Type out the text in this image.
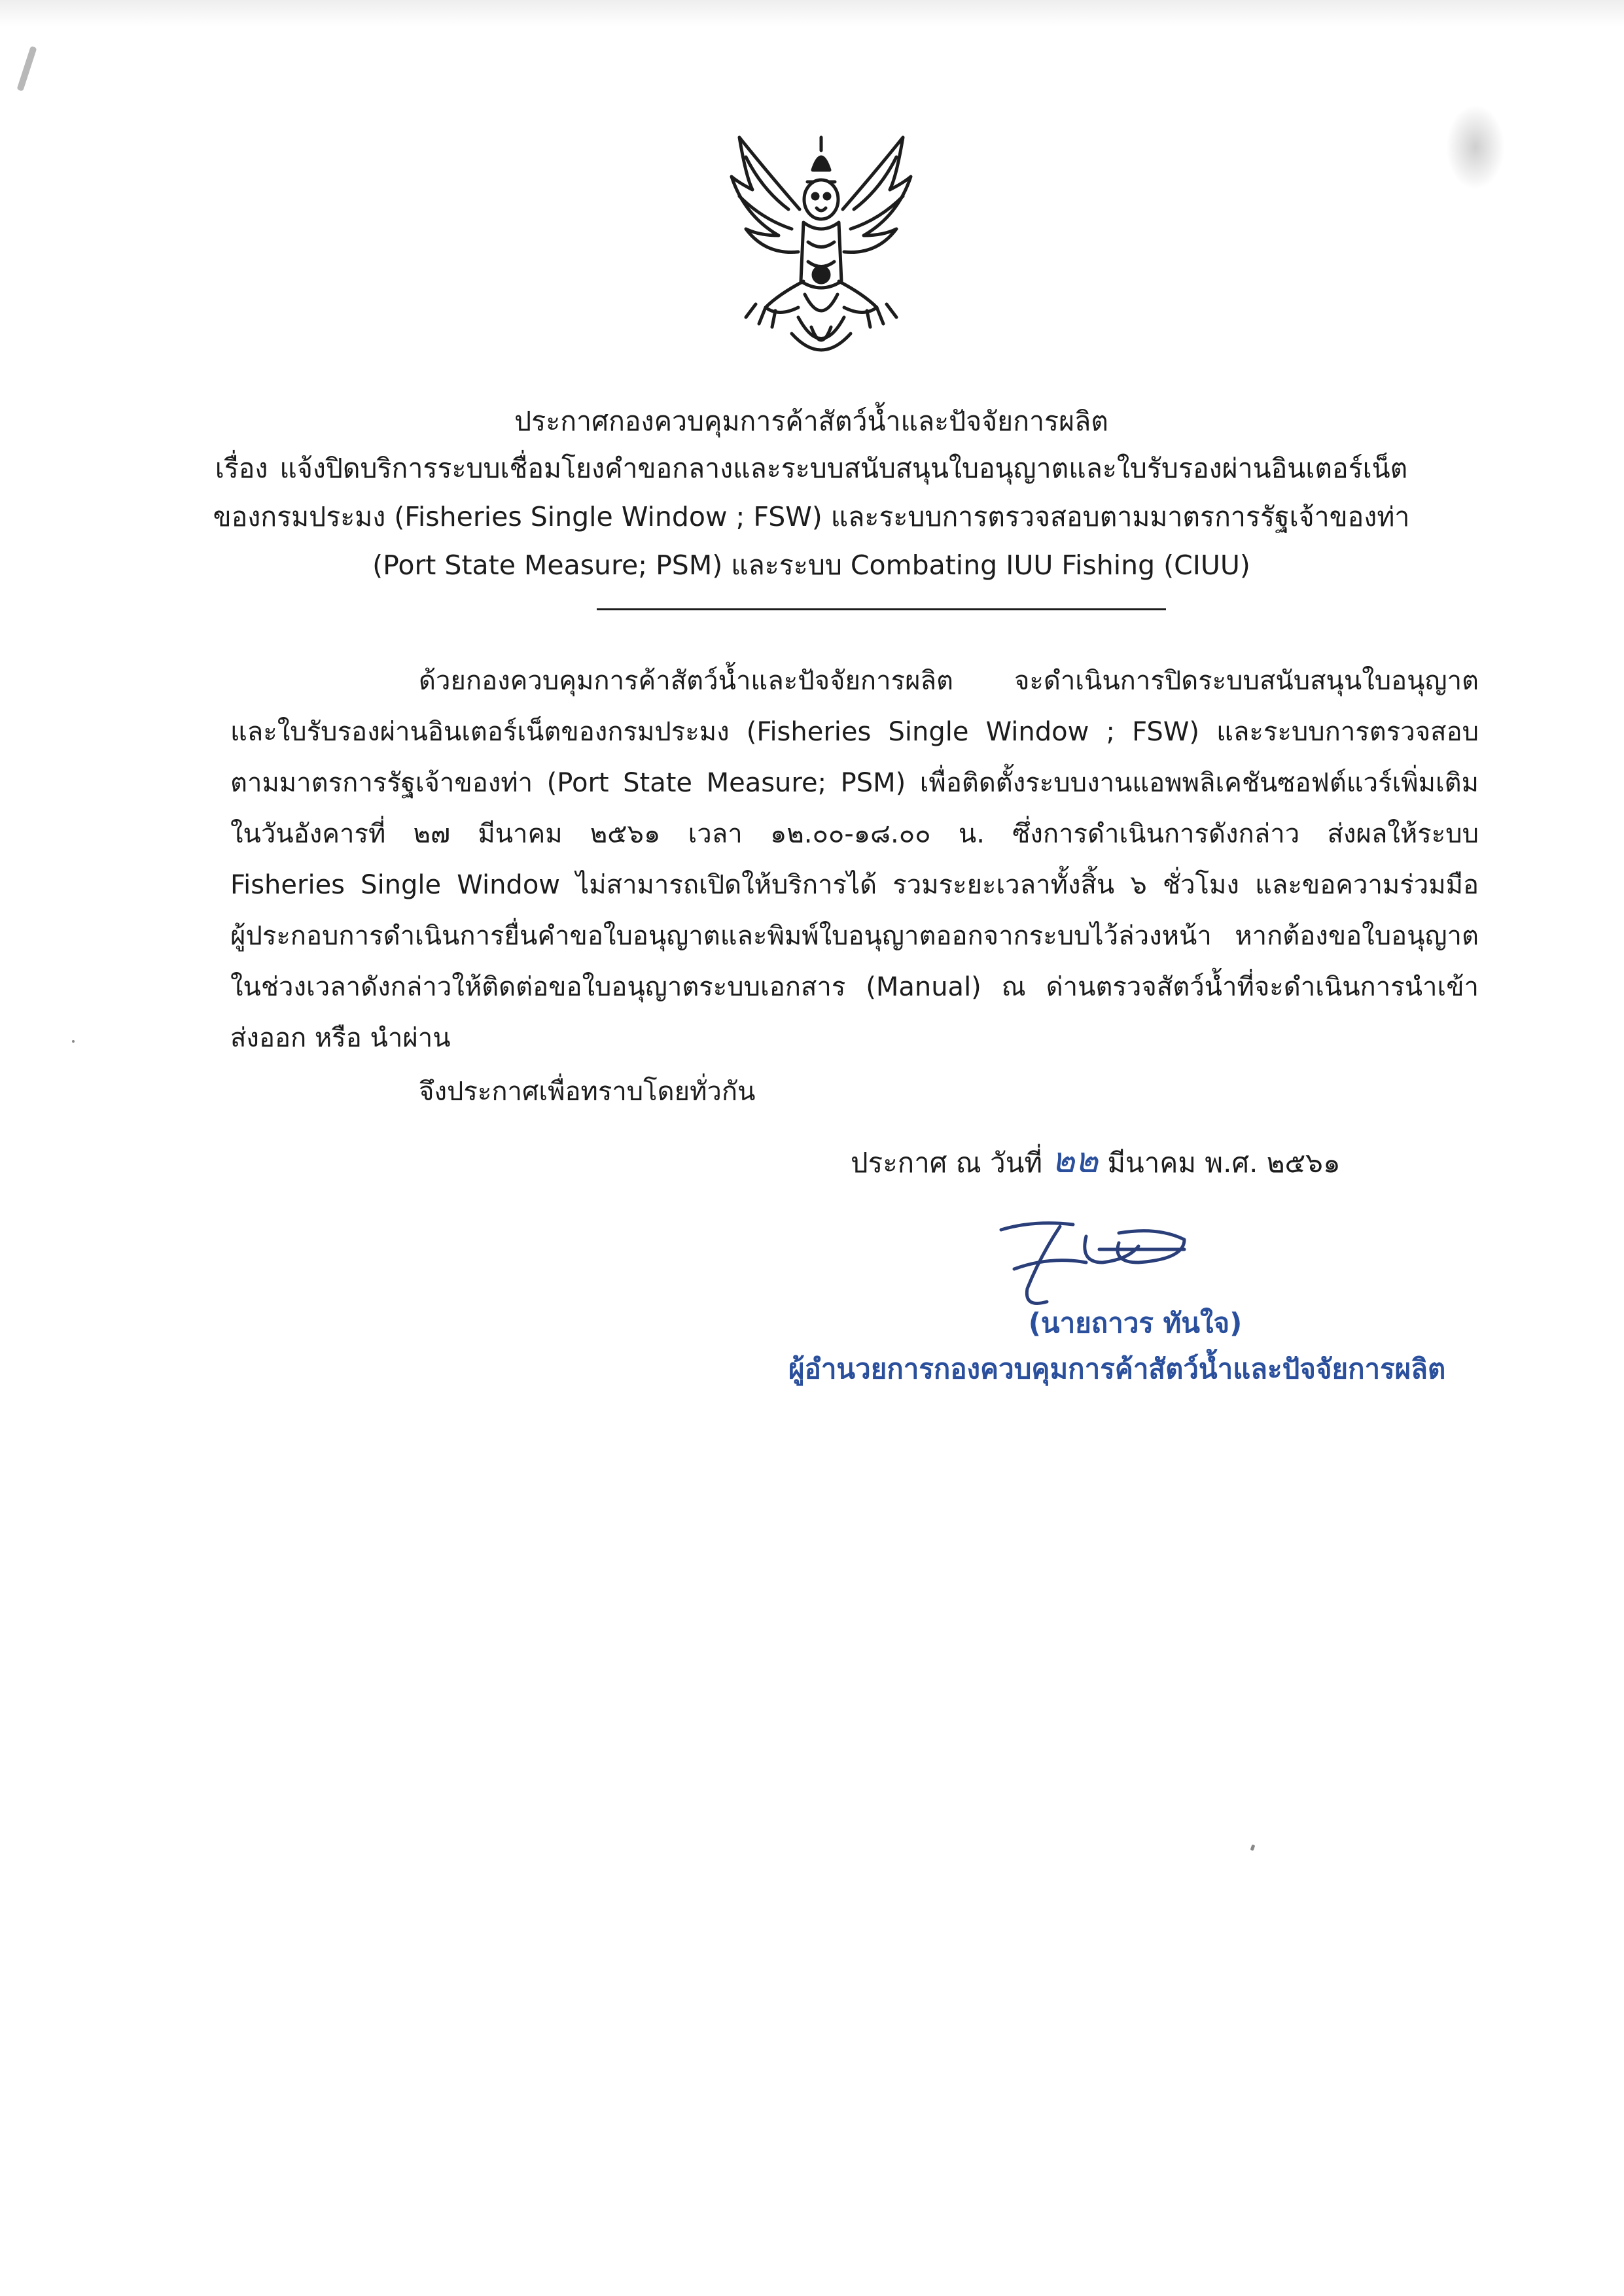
ประกาศกองควบคุมการค้าสัตว์น้ำและปัจจัยการผลิต
เรื่อง แจ้งปิดบริการระบบเชื่อมโยงคำขอกลางและระบบสนับสนุนใบอนุญาตและใบรับรองผ่านอินเตอร์เน็ต
ของกรมประมง (Fisheries Single Window ; FSW) และระบบการตรวจสอบตามมาตรการรัฐเจ้าของท่า
(Port State Measure; PSM) และระบบ Combating IUU Fishing (CIUU)
ด้วยกองควบคุมการค้าสัตว์น้ำและปัจจัยการผลิต จะดำเนินการปิดระบบสนับสนุนใบอนุญาต
และใบรับรองผ่านอินเตอร์เน็ตของกรมประมง (Fisheries Single Window ; FSW) และระบบการตรวจสอบ
ตามมาตรการรัฐเจ้าของท่า (Port State Measure; PSM) เพื่อติดตั้งระบบงานแอพพลิเคชันซอฟต์แวร์เพิ่มเติม
ในวันอังคารที่ ๒๗ มีนาคม ๒๕๖๑ เวลา ๑๒.๐๐-๑๘.๐๐ น. ซึ่งการดำเนินการดังกล่าว ส่งผลให้ระบบ
Fisheries Single Window ไม่สามารถเปิดให้บริการได้ รวมระยะเวลาทั้งสิ้น ๖ ชั่วโมง และขอความร่วมมือ
ผู้ประกอบการดำเนินการยื่นคำขอใบอนุญาตและพิมพ์ใบอนุญาตออกจากระบบไว้ล่วงหน้า หากต้องขอใบอนุญาต
ในช่วงเวลาดังกล่าวให้ติดต่อขอใบอนุญาตระบบเอกสาร (Manual) ณ ด่านตรวจสัตว์น้ำที่จะดำเนินการนำเข้า
ส่งออก หรือ นำผ่าน
จึงประกาศเพื่อทราบโดยทั่วกัน
ประกาศ ณ วันที่ ๒๒ มีนาคม พ.ศ. ๒๕๖๑
(นายถาวร ทันใจ)
ผู้อำนวยการกองควบคุมการค้าสัตว์น้ำและปัจจัยการผลิต
